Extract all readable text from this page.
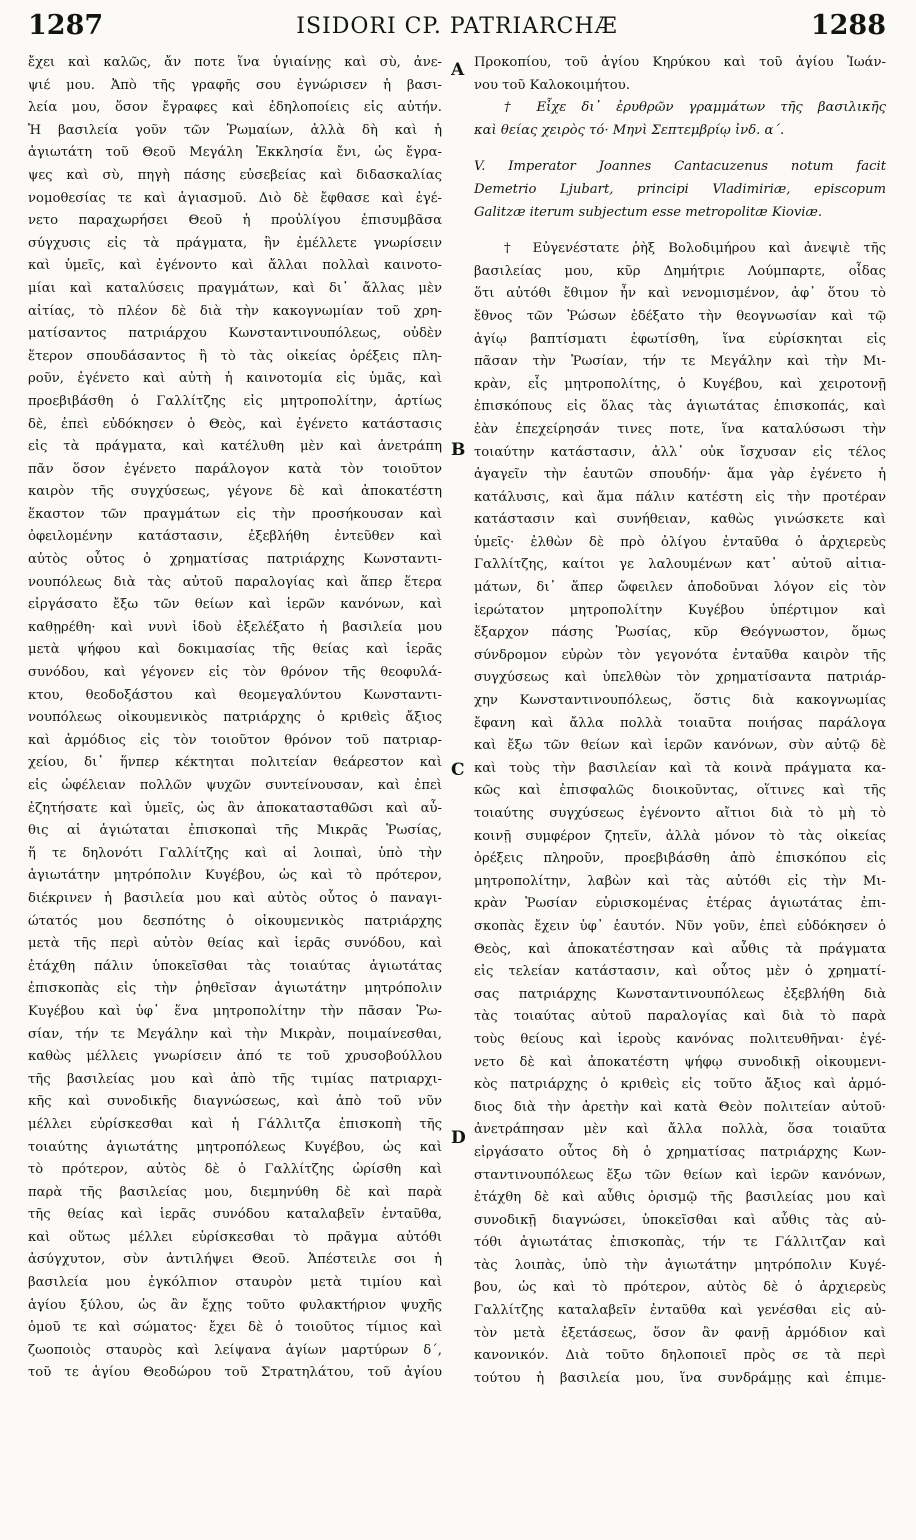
1287	ISIDORI CP. PATRIARCHÆ	1288
ἔχει καὶ καλῶς, ἄν ποτε ἵνα ὑγιαίνῃς καὶ σὺ, ἀνε-
ψιέ μου. Ἀπὸ τῆς γραφῆς σου ἐγνώρισεν ἡ βασι-
λεία μου, ὅσον ἔγραφες καὶ ἐδηλοποίεις εἰς αὐτήν.
Ἡ βασιλεία γοῦν τῶν Ῥωμαίων, ἀλλὰ δὴ καὶ ἡ
ἁγιωτάτη τοῦ Θεοῦ Μεγάλη Ἐκκλησία ἔνι, ὡς ἔγρα-
ψες καὶ σὺ, πηγὴ πάσης εὐσεβείας καὶ διδασκαλίας
νομοθεσίας τε καὶ ἁγιασμοῦ. Διὸ δὲ ἔφθασε καὶ ἐγέ-
νετο παραχωρήσει Θεοῦ ἡ προὐλίγου ἐπισυμβᾶσα
σύγχυσις εἰς τὰ πράγματα, ἣν ἐμέλλετε γνωρίσειν
καὶ ὑμεῖς, καὶ ἐγένοντο καὶ ἄλλαι πολλαὶ καινοτο-
μίαι καὶ καταλύσεις πραγμάτων, καὶ δι᾿ ἄλλας μὲν
αἰτίας, τὸ πλέον δὲ διὰ τὴν κακογνωμίαν τοῦ χρη-
ματίσαντος πατριάρχου Κωνσταντινουπόλεως, οὐδὲν
ἕτερον σπουδάσαντος ἢ τὸ τὰς οἰκείας ὀρέξεις πλη-
ροῦν, ἐγένετο καὶ αὐτὴ ἡ καινοτομία εἰς ὑμᾶς, καὶ
προεβιβάσθη ὁ Γαλλίτζης εἰς μητροπολίτην, ἀρτίως
δὲ, ἐπεὶ εὐδόκησεν ὁ Θεὸς, καὶ ἐγένετο κατάστασις
εἰς τὰ πράγματα, καὶ κατέλυθη μὲν καὶ ἀνετράπη
πᾶν ὅσον ἐγένετο παράλογον κατὰ τὸν τοιοῦτον
καιρὸν τῆς συγχύσεως, γέγονε δὲ καὶ ἀποκατέστη
ἕκαστον τῶν πραγμάτων εἰς τὴν προσήκουσαν καὶ
ὀφειλομένην κατάστασιν, ἐξεβλήθη ἐντεῦθεν καὶ
αὐτὸς οὗτος ὁ χρηματίσας πατριάρχης Κωνσταντι-
νουπόλεως διὰ τὰς αὐτοῦ παραλογίας καὶ ἅπερ ἕτερα
εἰργάσατο ἔξω τῶν θείων καὶ ἱερῶν κανόνων, καὶ
καθῃρέθη· καὶ νυνὶ ἰδοὺ ἐξελέξατο ἡ βασιλεία μου
μετὰ ψήφου καὶ δοκιμασίας τῆς θείας καὶ ἱερᾶς
συνόδου, καὶ γέγονεν εἰς τὸν θρόνον τῆς θεοφυλά-
κτου, θεοδοξάστου καὶ θεομεγαλύντου Κωνσταντι-
νουπόλεως οἰκουμενικὸς πατριάρχης ὁ κριθεὶς ἄξιος
καὶ ἁρμόδιος εἰς τὸν τοιοῦτον θρόνον τοῦ πατριαρ-
χείου, δι᾿ ἥνπερ κέκτηται πολιτείαν θεάρεστον καὶ
εἰς ὠφέλειαν πολλῶν ψυχῶν συντείνουσαν, καὶ ἐπεὶ
ἐζητήσατε καὶ ὑμεῖς, ὡς ἂν ἀποκατασταθῶσι καὶ αὖ-
θις αἱ ἁγιώταται ἐπισκοπαὶ τῆς Μικρᾶς Ῥωσίας,
ἥ τε δηλονότι Γαλλίτζης καὶ αἱ λοιπαὶ, ὑπὸ τὴν
ἁγιωτάτην μητρόπολιν Κυγέβου, ὡς καὶ τὸ πρότερον,
διέκρινεν ἡ βασιλεία μου καὶ αὐτὸς οὗτος ὁ παναγι-
ώτατός μου δεσπότης ὁ οἰκουμενικὸς πατριάρχης
μετὰ τῆς περὶ αὐτὸν θείας καὶ ἱερᾶς συνόδου, καὶ
ἐτάχθη πάλιν ὑποκεῖσθαι τὰς τοιαύτας ἁγιωτάτας
ἐπισκοπὰς εἰς τὴν ῥηθεῖσαν ἁγιωτάτην μητρόπολιν
Κυγέβου καὶ ὑφ᾿ ἕνα μητροπολίτην τὴν πᾶσαν Ῥω-
σίαν, τήν τε Μεγάλην καὶ τὴν Μικρὰν, ποιμαίνεσθαι,
καθὼς μέλλεις γνωρίσειν ἀπό τε τοῦ χρυσοβούλλου
τῆς βασιλείας μου καὶ ἀπὸ τῆς τιμίας πατριαρχι-
κῆς καὶ συνοδικῆς διαγνώσεως, καὶ ἀπὸ τοῦ νῦν
μέλλει εὑρίσκεσθαι καὶ ἡ Γάλλιτζα ἐπισκοπὴ τῆς
τοιαύτης ἁγιωτάτης μητροπόλεως Κυγέβου, ὡς καὶ
τὸ πρότερον, αὐτὸς δὲ ὁ Γαλλίτζης ὡρίσθη καὶ
παρὰ τῆς βασιλείας μου, διεμηνύθη δὲ καὶ παρὰ
τῆς θείας καὶ ἱερᾶς συνόδου καταλαβεῖν ἐνταῦθα,
καὶ οὕτως μέλλει εὑρίσκεσθαι τὸ πρᾶγμα αὐτόθι
ἀσύγχυτον, σὺν ἀντιλήψει Θεοῦ. Ἀπέστειλε σοι ἡ
βασιλεία μου ἐγκόλπιον σταυρὸν μετὰ τιμίου καὶ
ἁγίου ξύλου, ὡς ἂν ἔχῃς τοῦτο φυλακτήριον ψυχῆς
ὁμοῦ τε καὶ σώματος· ἔχει δὲ ὁ τοιοῦτος τίμιος καὶ
ζωοποιὸς σταυρὸς καὶ λείψανα ἁγίων μαρτύρων δ´,
τοῦ τε ἁγίου Θεοδώρου τοῦ Στρατηλάτου, τοῦ ἁγίου
Προκοπίου, τοῦ ἁγίου Κηρύκου καὶ τοῦ ἁγίου Ἰωάν-
νου τοῦ Καλοκοιμήτου.
† Εἶχε δι᾿ ἐρυθρῶν γραμμάτων τῆς βασιλικῆς
καὶ θείας χειρὸς τό· Μηνὶ Σεπτεμβρίῳ ἰνδ. α´.
V. Imperator Joannes Cantacuzenus notum facit
Demetrio Ljubart, principi Vladimiriæ, episcopum
Galitzæ iterum subjectum esse metropolitæ Kioviæ.
† Εὐγενέστατε ῥὴξ Βολοδιμήρου καὶ ἀνεψιὲ τῆς
βασιλείας μου, κῦρ Δημήτριε Λούμπαρτε, οἶδας
ὅτι αὐτόθι ἔθιμον ἦν καὶ νενομισμένον, ἀφ᾿ ὅτου τὸ
ἔθνος τῶν Ῥώσων ἐδέξατο τὴν θεογνωσίαν καὶ τῷ
ἁγίῳ βαπτίσματι ἐφωτίσθη, ἵνα εὑρίσκηται εἰς
πᾶσαν τὴν Ῥωσίαν, τήν τε Μεγάλην καὶ τὴν Μι-
κρὰν, εἷς μητροπολίτης, ὁ Κυγέβου, καὶ χειροτονῇ
ἐπισκόπους εἰς ὅλας τὰς ἁγιωτάτας ἐπισκοπάς, καὶ
ἐὰν ἐπεχείρησάν τινες ποτε, ἵνα καταλύσωσι τὴν
τοιαύτην κατάστασιν, ἀλλ᾿ οὐκ ἴσχυσαν εἰς τέλος
ἀγαγεῖν τὴν ἑαυτῶν σπουδήν· ἅμα γὰρ ἐγένετο ἡ
κατάλυσις, καὶ ἅμα πάλιν κατέστη εἰς τὴν προτέραν
κατάστασιν καὶ συνήθειαν, καθὼς γινώσκετε καὶ
ὑμεῖς· ἐλθὼν δὲ πρὸ ὀλίγου ἐνταῦθα ὁ ἀρχιερεὺς
Γαλλίτζης, καίτοι γε λαλουμένων κατ᾿ αὐτοῦ αἰτια-
μάτων, δι᾿ ἅπερ ὤφειλεν ἀποδοῦναι λόγον εἰς τὸν
ἱερώτατον μητροπολίτην Κυγέβου ὑπέρτιμον καὶ
ἔξαρχον πάσης Ῥωσίας, κῦρ Θεόγνωστον, ὅμως
σύνδρομον εὑρὼν τὸν γεγονότα ἐνταῦθα καιρὸν τῆς
συγχύσεως καὶ ὑπελθὼν τὸν χρηματίσαντα πατριάρ-
χην Κωνσταντινουπόλεως, ὅστις διὰ κακογνωμίας
ἔφανη καὶ ἄλλα πολλὰ τοιαῦτα ποιήσας παράλογα
καὶ ἔξω τῶν θείων καὶ ἱερῶν κανόνων, σὺν αὐτῷ δὲ
καὶ τοὺς τὴν βασιλείαν καὶ τὰ κοινὰ πράγματα κα-
κῶς καὶ ἐπισφαλῶς διοικοῦντας, οἵτινες καὶ τῆς
τοιαύτης συγχύσεως ἐγένοντο αἴτιοι διὰ τὸ μὴ τὸ
κοινῇ συμφέρον ζητεῖν, ἀλλὰ μόνον τὸ τὰς οἰκείας
ὀρέξεις πληροῦν, προεβιβάσθη ἀπὸ ἐπισκόπου εἰς
μητροπολίτην, λαβὼν καὶ τὰς αὐτόθι εἰς τὴν Μι-
κρὰν Ῥωσίαν εὑρισκομένας ἑτέρας ἁγιωτάτας ἐπι-
σκοπὰς ἔχειν ὑφ᾿ ἑαυτόν. Νῦν γοῦν, ἐπεὶ εὐδόκησεν ὁ
Θεὸς, καὶ ἀποκατέστησαν καὶ αὖθις τὰ πράγματα
εἰς τελείαν κατάστασιν, καὶ οὗτος μὲν ὁ χρηματί-
σας πατριάρχης Κωνσταντινουπόλεως ἐξεβλήθη διὰ
τὰς τοιαύτας αὐτοῦ παραλογίας καὶ διὰ τὸ παρὰ
τοὺς θείους καὶ ἱεροὺς κανόνας πολιτευθῆναι· ἐγέ-
νετο δὲ καὶ ἀποκατέστη ψήφῳ συνοδικῇ οἰκουμενι-
κὸς πατριάρχης ὁ κριθεὶς εἰς τοῦτο ἄξιος καὶ ἁρμό-
διος διὰ τὴν ἀρετὴν καὶ κατὰ Θεὸν πολιτείαν αὐτοῦ·
ἀνετράπησαν μὲν καὶ ἄλλα πολλὰ, ὅσα τοιαῦτα
εἰργάσατο οὗτος δὴ ὁ χρηματίσας πατριάρχης Κων-
σταντινουπόλεως ἔξω τῶν θείων καὶ ἱερῶν κανόνων,
ἐτάχθη δὲ καὶ αὖθις ὁρισμῷ τῆς βασιλείας μου καὶ
συνοδικῇ διαγνώσει, ὑποκεῖσθαι καὶ αὖθις τὰς αὐ-
τόθι ἁγιωτάτας ἐπισκοπὰς, τήν τε Γάλλιτζαν καὶ
τὰς λοιπὰς, ὑπὸ τὴν ἁγιωτάτην μητρόπολιν Κυγέ-
βου, ὡς καὶ τὸ πρότερον, αὐτὸς δὲ ὁ ἀρχιερεὺς
Γαλλίτζης καταλαβεῖν ἐνταῦθα καὶ γενέσθαι εἰς αὐ-
τὸν μετὰ ἐξετάσεως, ὅσον ἂν φανῇ ἁρμόδιον καὶ
κανονικόν. Διὰ τοῦτο δηλοποιεῖ πρὸς σε τὰ περὶ
τούτου ἡ βασιλεία μου, ἵνα συνδράμῃς καὶ ἐπιμε-
A
B
C
D
